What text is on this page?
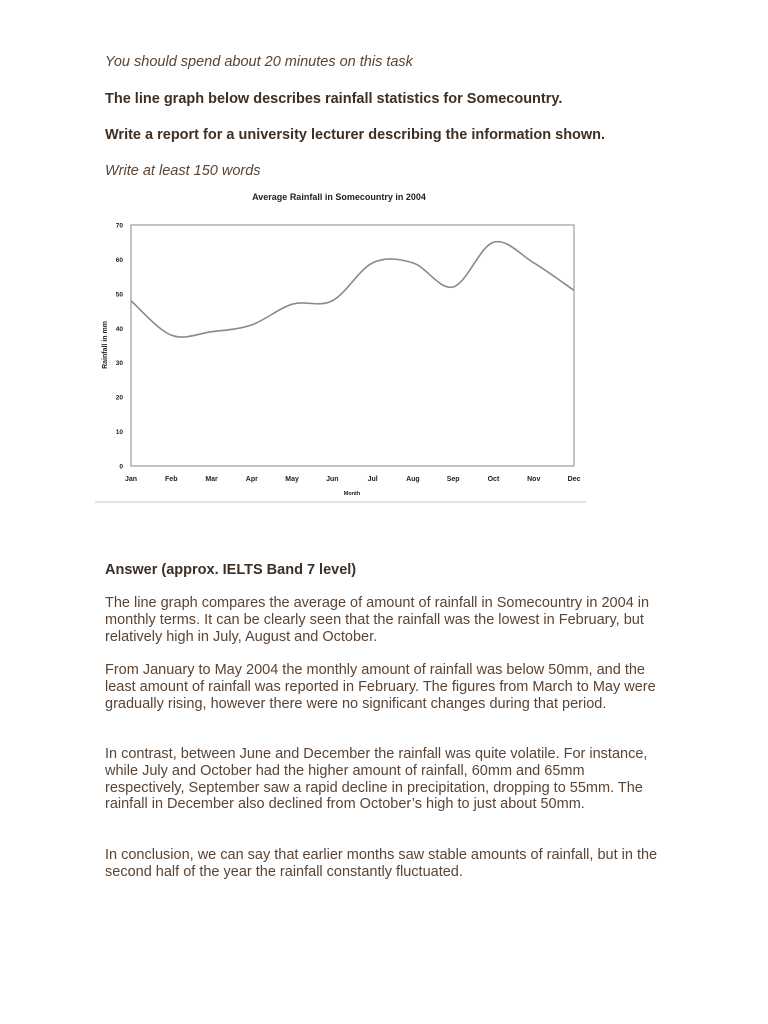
You should spend about 20 minutes on this task

The line graph below describes rainfall statistics for Somecountry.

Write a report for a university lecturer describing the information shown.

Write at least 150 words

Average Rainfall in Somecountry in 2004
0
10
20
30
40
50
60
70
Jan	Feb	Mar	Apr	May	Jun	Jul	Aug	Sep	Oct	Nov	Dec
Rainfall in mm
Month

Answer (approx. IELTS Band 7 level)

The line graph compares the average of amount of rainfall in Somecountry in 2004 in monthly terms. It can be clearly seen that the rainfall was the lowest in February, but relatively high in July, August and October.

From January to May 2004 the monthly amount of rainfall was below 50mm, and the least amount of rainfall was reported in February. The figures from March to May were gradually rising, however there were no significant changes during that period.

In contrast, between June and December the rainfall was quite volatile. For instance, while July and October had the higher amount of rainfall, 60mm and 65mm respectively, September saw a rapid decline in precipitation, dropping to 55mm. The rainfall in December also declined from October’s high to just about 50mm.

In conclusion, we can say that earlier months saw stable amounts of rainfall, but in the second half of the year the rainfall constantly fluctuated.
